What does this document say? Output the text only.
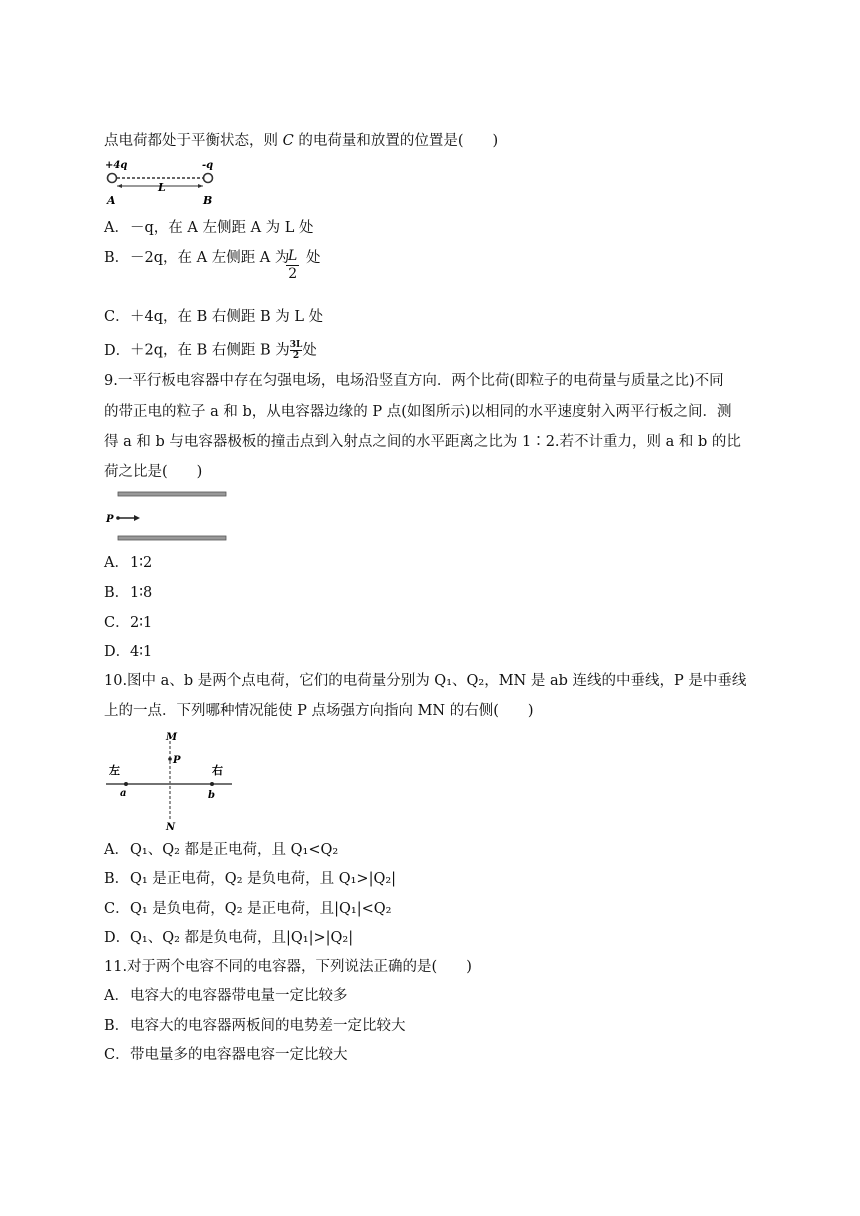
点电荷都处于平衡状态，则 C 的电荷量和放置的位置是(　　)
+4q	-q
L
A	B
A．－q，在 A 左侧距 A 为 L 处
B．－2q，在 A 左侧距 A 为
$\frac{L}{2}$ 处
C．＋4q，在 B 右侧距 B 为 L 处
D．＋2q，在 B 右侧距 B 为 $\frac{3L}{2}$处
9.一平行板电容器中存在匀强电场，电场沿竖直方向．两个比荷(即粒子的电荷量与质量之比)不同
的带正电的粒子 a 和 b，从电容器边缘的 P 点(如图所示)以相同的水平速度射入两平行板之间．测
得 a 和 b 与电容器极板的撞击点到入射点之间的水平距离之比为 1∶2.若不计重力，则 a 和 b 的比
荷之比是(　　)
P
A．1∶2
B．1∶8
C．2∶1
D．4∶1
10.图中 a、b 是两个点电荷，它们的电荷量分别为 Q₁、Q₂，MN 是 ab 连线的中垂线，P 是中垂线
上的一点．下列哪种情况能使 P 点场强方向指向 MN 的右侧(　　)
M
N
P
左	右
a	b
A．Q₁、Q₂ 都是正电荷，且 Q₁<Q₂
B．Q₁ 是正电荷，Q₂ 是负电荷，且 Q₁>|Q₂|
C．Q₁ 是负电荷，Q₂ 是正电荷，且|Q₁|<Q₂
D．Q₁、Q₂ 都是负电荷，且|Q₁|>|Q₂|
11.对于两个电容不同的电容器，下列说法正确的是(　　)
A．电容大的电容器带电量一定比较多
B．电容大的电容器两板间的电势差一定比较大
C．带电量多的电容器电容一定比较大
